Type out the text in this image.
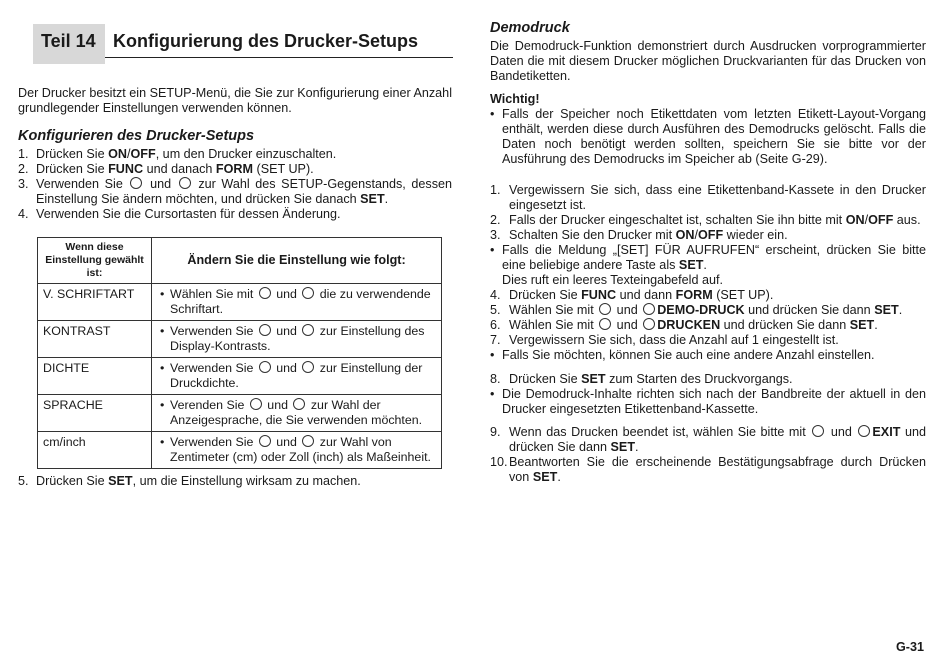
Teil 14 Konfigurierung des Drucker-Setups
Der Drucker besitzt ein SETUP-Menü, die Sie zur Konfigurierung einer Anzahl grundlegender Einstellungen verwenden können.
Konfigurieren des Drucker-Setups
1. Drücken Sie ON/OFF, um den Drucker einzuschalten.
2. Drücken Sie FUNC und danach FORM (SET UP).
3. Verwenden Sie  und  zur Wahl des SETUP-Gegenstands, dessen Einstellung Sie ändern möchten, und drücken Sie danach SET.
4. Verwenden Sie die Cursortasten für dessen Änderung.
Wenn diese Einstellung gewählt ist:	Ändern Sie die Einstellung wie folgt:
V. SCHRIFTART	• Wählen Sie mit  und  die zu verwendende Schriftart.

KONTRAST	• Verwenden Sie  und  zur Einstellung des Display-Kontrasts.

DICHTE	• Verwenden Sie  und  zur Einstellung der Druckdichte.

SPRACHE	• Verenden Sie  und  zur Wahl der Anzeigesprache, die Sie verwenden möchten.

cm/inch	• Verwenden Sie  und  zur Wahl von Zentimeter (cm) oder Zoll (inch) als Maßeinheit.
5. Drücken Sie SET, um die Einstellung wirksam zu machen.
Demodruck
Die Demodruck-Funktion demonstriert durch Ausdrucken vorprogrammierter Daten die mit diesem Drucker möglichen Druckvarianten für das Drucken von Bandetiketten.
Wichtig!
• Falls der Speicher noch Etikettdaten vom letzten Etikett-Layout-Vorgang enthält, werden diese durch Ausführen des Demodrucks gelöscht. Falls die Daten noch benötigt werden sollten, speichern Sie sie bitte vor der Ausführung des Demodrucks im Speicher ab (Seite G-29).
1. Vergewissern Sie sich, dass eine Etikettenband-Kassete in den Drucker eingesetzt ist.
2. Falls der Drucker eingeschaltet ist, schalten Sie ihn bitte mit ON/OFF aus.
3. Schalten Sie den Drucker mit ON/OFF wieder ein.
• Falls die Meldung „[SET] FÜR AUFRUFEN“ erscheint, drücken Sie bitte eine beliebige andere Taste als SET.
Dies ruft ein leeres Texteingabefeld auf.
4. Drücken Sie FUNC und dann FORM (SET UP).
5. Wählen Sie mit  und DEMO-DRUCK und drücken Sie dann SET.
6. Wählen Sie mit  und DRUCKEN und drücken Sie dann SET.
7. Vergewissern Sie sich, dass die Anzahl auf 1 eingestellt ist.
• Falls Sie möchten, können Sie auch eine andere Anzahl einstellen.
8. Drücken Sie SET zum Starten des Druckvorgangs.
• Die Demodruck-Inhalte richten sich nach der Bandbreite der aktuell in den Drucker eingesetzten Etikettenband-Kassette.
9. Wenn das Drucken beendet ist, wählen Sie bitte mit  und EXIT und drücken Sie dann SET.
10. Beantworten Sie die erscheinende Bestätigungsabfrage durch Drücken von SET.
G-31
